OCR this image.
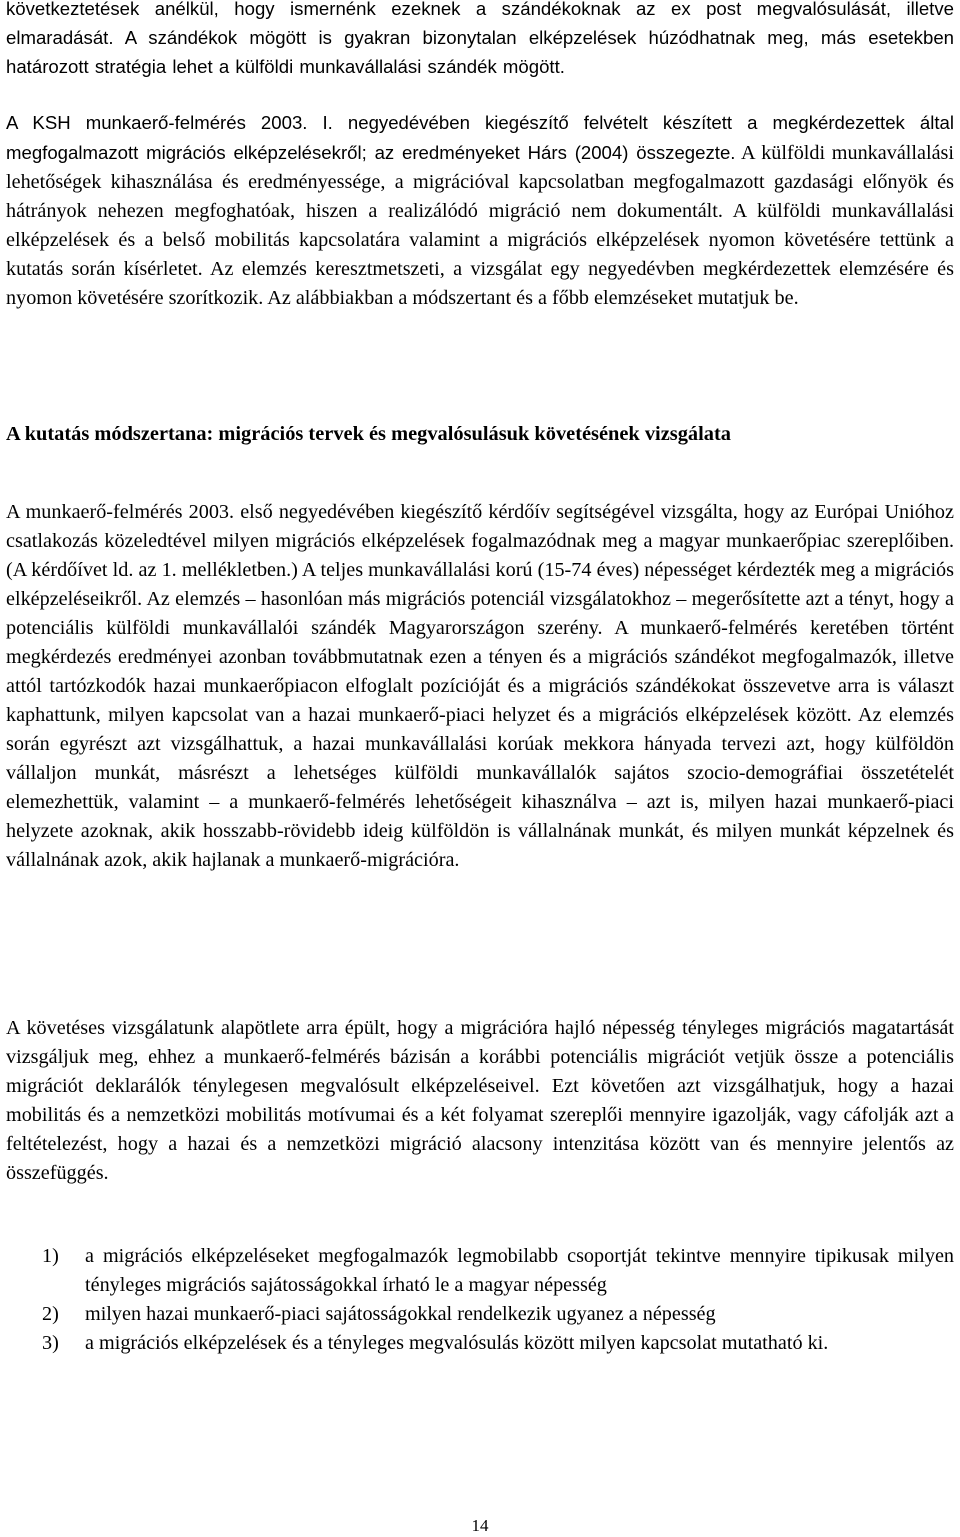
következtetések anélkül, hogy ismernénk ezeknek a szándékoknak az ex post megvalósulását, illetve elmaradását. A szándékok mögött is gyakran bizonytalan elképzelések húzódhatnak meg, más esetekben határozott stratégia lehet a külföldi munkavállalási szándék mögött.

A KSH munkaerő-felmérés 2003. I. negyedévében kiegészítő felvételt készített a megkérdezettek által megfogalmazott migrációs elképzelésekről; az eredményeket Hárs (2004) összegezte. A külföldi munkavállalási lehetőségek kihasználása és eredményessége, a migrációval kapcsolatban megfogalmazott gazdasági előnyök és hátrányok nehezen megfoghatóak, hiszen a realizálódó migráció nem dokumentált. A külföldi munkavállalási elképzelések és a belső mobilitás kapcsolatára valamint a migrációs elképzelések nyomon követésére tettünk a kutatás során kísérletet. Az elemzés keresztmetszeti, a vizsgálat egy negyedévben megkérdezettek elemzésére és nyomon követésére szorítkozik. Az alábbiakban a módszertant és a főbb elemzéseket mutatjuk be.

A kutatás módszertana: migrációs tervek és megvalósulásuk követésének vizsgálata

A munkaerő-felmérés 2003. első negyedévében kiegészítő kérdőív segítségével vizsgálta, hogy az Európai Unióhoz csatlakozás közeledtével milyen migrációs elképzelések fogalmazódnak meg a magyar munkaerőpiac szereplőiben. (A kérdőívet ld. az 1. mellékletben.) A teljes munkavállalási korú (15-74 éves) népességet kérdezték meg a migrációs elképzeléseikről. Az elemzés – hasonlóan más migrációs potenciál vizsgálatokhoz – megerősítette azt a tényt, hogy a potenciális külföldi munkavállalói szándék Magyarországon szerény. A munkaerő-felmérés keretében történt megkérdezés eredményei azonban továbbmutatnak ezen a tényen és a migrációs szándékot megfogalmazók, illetve attól tartózkodók hazai munkaerőpiacon elfoglalt pozícióját és a migrációs szándékokat összevetve arra is választ kaphattunk, milyen kapcsolat van a hazai munkaerő-piaci helyzet és a migrációs elképzelések között. Az elemzés során egyrészt azt vizsgálhattuk, a hazai munkavállalási korúak mekkora hányada tervezi azt, hogy külföldön vállaljon munkát, másrészt a lehetséges külföldi munkavállalók sajátos szocio-demográfiai összetételét elemezhettük, valamint – a munkaerő-felmérés lehetőségeit kihasználva – azt is, milyen hazai munkaerő-piaci helyzete azoknak, akik hosszabb-rövidebb ideig külföldön is vállalnának munkát, és milyen munkát képzelnek és vállalnának azok, akik hajlanak a munkaerő-migrációra.

A követéses vizsgálatunk alapötlete arra épült, hogy a migrációra hajló népesség tényleges migrációs magatartását vizsgáljuk meg, ehhez a munkaerő-felmérés bázisán a korábbi potenciális migrációt vetjük össze a potenciális migrációt deklarálók ténylegesen megvalósult elképzeléseivel. Ezt követően azt vizsgálhatjuk, hogy a hazai mobilitás és a nemzetközi mobilitás motívumai és a két folyamat szereplői mennyire igazolják, vagy cáfolják azt a feltételezést, hogy a hazai és a nemzetközi migráció alacsony intenzitása között van és mennyire jelentős az összefüggés.

1) a migrációs elképzeléseket megfogalmazók legmobilabb csoportját tekintve mennyire tipikusak milyen tényleges migrációs sajátosságokkal írható le a magyar népesség
2) milyen hazai munkaerő-piaci sajátosságokkal rendelkezik ugyanez a népesség
3) a migrációs elképzelések és a tényleges megvalósulás között milyen kapcsolat mutatható ki.
14
